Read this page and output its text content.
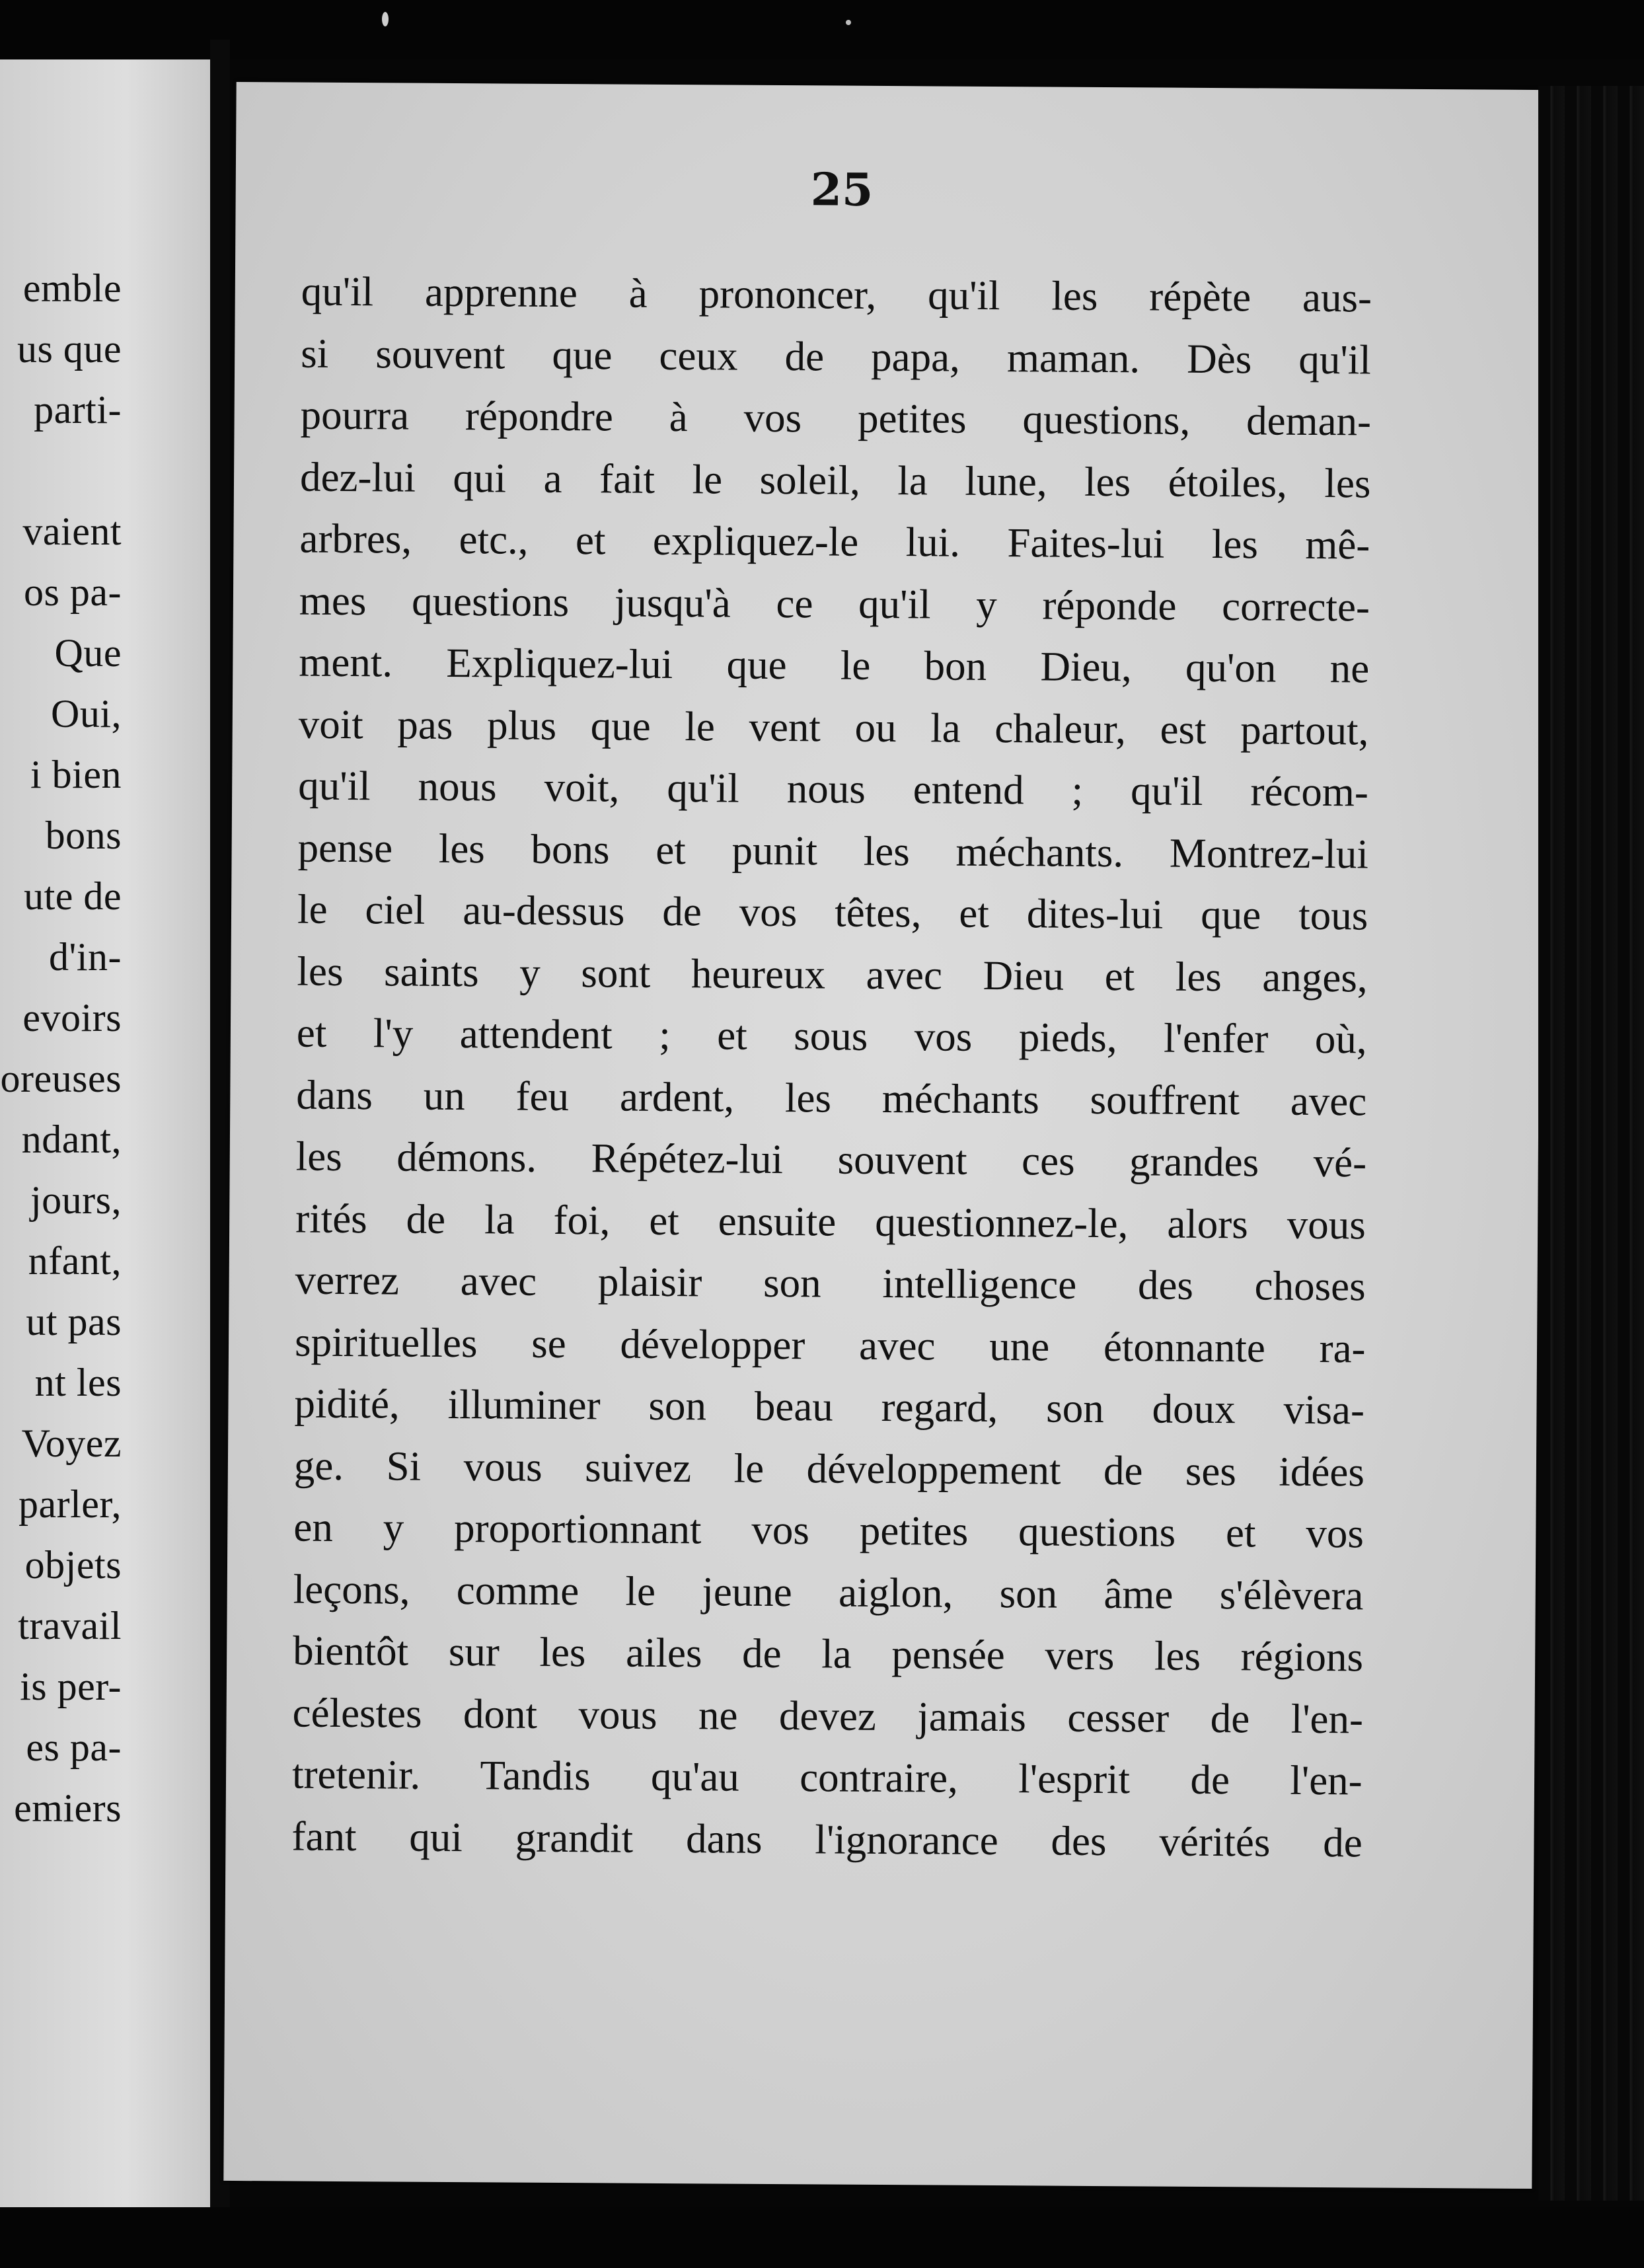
emble
us que
parti-
vaient
os pa-
Que
Oui,
i bien
bons
ute de
d'in-
evoirs
oreuses
ndant,
jours,
nfant,
ut pas
nt les
Voyez
parler,
objets
travail
is per-
es pa-
emiers
25
qu'il apprenne à prononcer, qu'il les répète aus-
si souvent que ceux de papa, maman. Dès qu'il
pourra répondre à vos petites questions, deman-
dez-lui qui a fait le soleil, la lune, les étoiles, les
arbres, etc., et expliquez-le lui. Faites-lui les mê-
mes questions jusqu'à ce qu'il y réponde correcte-
ment. Expliquez-lui que le bon Dieu, qu'on ne
voit pas plus que le vent ou la chaleur, est partout,
qu'il nous voit, qu'il nous entend ; qu'il récom-
pense les bons et punit les méchants. Montrez-lui
le ciel au-dessus de vos têtes, et dites-lui que tous
les saints y sont heureux avec Dieu et les anges,
et l'y attendent ; et sous vos pieds, l'enfer où,
dans un feu ardent, les méchants souffrent avec
les démons. Répétez-lui souvent ces grandes vé-
rités de la foi, et ensuite questionnez-le, alors vous
verrez avec plaisir son intelligence des choses
spirituelles se développer avec une étonnante ra-
pidité, illuminer son beau regard, son doux visa-
ge. Si vous suivez le développement de ses idées
en y proportionnant vos petites questions et vos
leçons, comme le jeune aiglon, son âme s'élèvera
bientôt sur les ailes de la pensée vers les régions
célestes dont vous ne devez jamais cesser de l'en-
tretenir. Tandis qu'au contraire, l'esprit de l'en-
fant qui grandit dans l'ignorance des vérités de
